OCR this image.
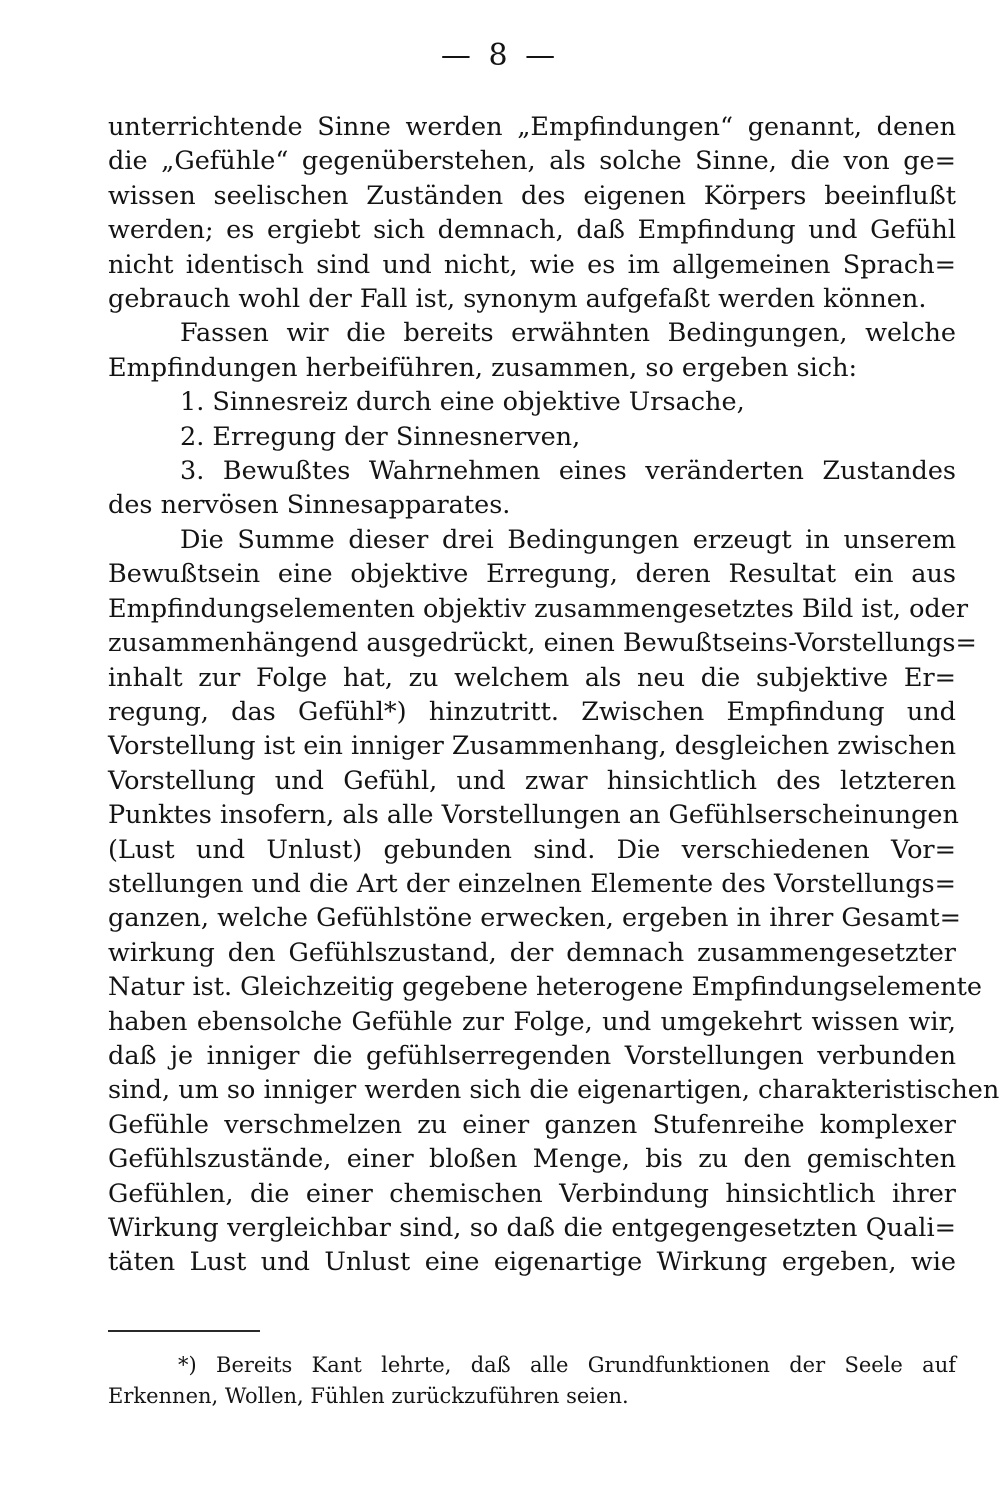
— 8 —
unterrichtende Sinne werden „Empfindungen“ genannt, denen
die „Gefühle“ gegenüberstehen, als solche Sinne, die von ge=
wissen seelischen Zuständen des eigenen Körpers beeinflußt
werden; es ergiebt sich demnach, daß Empfindung und Gefühl
nicht identisch sind und nicht, wie es im allgemeinen Sprach=
gebrauch wohl der Fall ist, synonym aufgefaßt werden können.
Fassen wir die bereits erwähnten Bedingungen, welche
Empfindungen herbeiführen, zusammen, so ergeben sich:
1. Sinnesreiz durch eine objektive Ursache,
2. Erregung der Sinnesnerven,
3. Bewußtes Wahrnehmen eines veränderten Zustandes
des nervösen Sinnesapparates.
Die Summe dieser drei Bedingungen erzeugt in unserem
Bewußtsein eine objektive Erregung, deren Resultat ein aus
Empfindungselementen objektiv zusammengesetztes Bild ist, oder
zusammenhängend ausgedrückt, einen Bewußtseins-Vorstellungs=
inhalt zur Folge hat, zu welchem als neu die subjektive Er=
regung, das Gefühl*) hinzutritt. Zwischen Empfindung und
Vorstellung ist ein inniger Zusammenhang, desgleichen zwischen
Vorstellung und Gefühl, und zwar hinsichtlich des letzteren
Punktes insofern, als alle Vorstellungen an Gefühlserscheinungen
(Lust und Unlust) gebunden sind. Die verschiedenen Vor=
stellungen und die Art der einzelnen Elemente des Vorstellungs=
ganzen, welche Gefühlstöne erwecken, ergeben in ihrer Gesamt=
wirkung den Gefühlszustand, der demnach zusammengesetzter
Natur ist. Gleichzeitig gegebene heterogene Empfindungselemente
haben ebensolche Gefühle zur Folge, und umgekehrt wissen wir,
daß je inniger die gefühlserregenden Vorstellungen verbunden
sind, um so inniger werden sich die eigenartigen, charakteristischen
Gefühle verschmelzen zu einer ganzen Stufenreihe komplexer
Gefühlszustände, einer bloßen Menge, bis zu den gemischten
Gefühlen, die einer chemischen Verbindung hinsichtlich ihrer
Wirkung vergleichbar sind, so daß die entgegengesetzten Quali=
täten Lust und Unlust eine eigenartige Wirkung ergeben, wie
*) Bereits Kant lehrte, daß alle Grundfunktionen der Seele auf
Erkennen, Wollen, Fühlen zurückzuführen seien.
